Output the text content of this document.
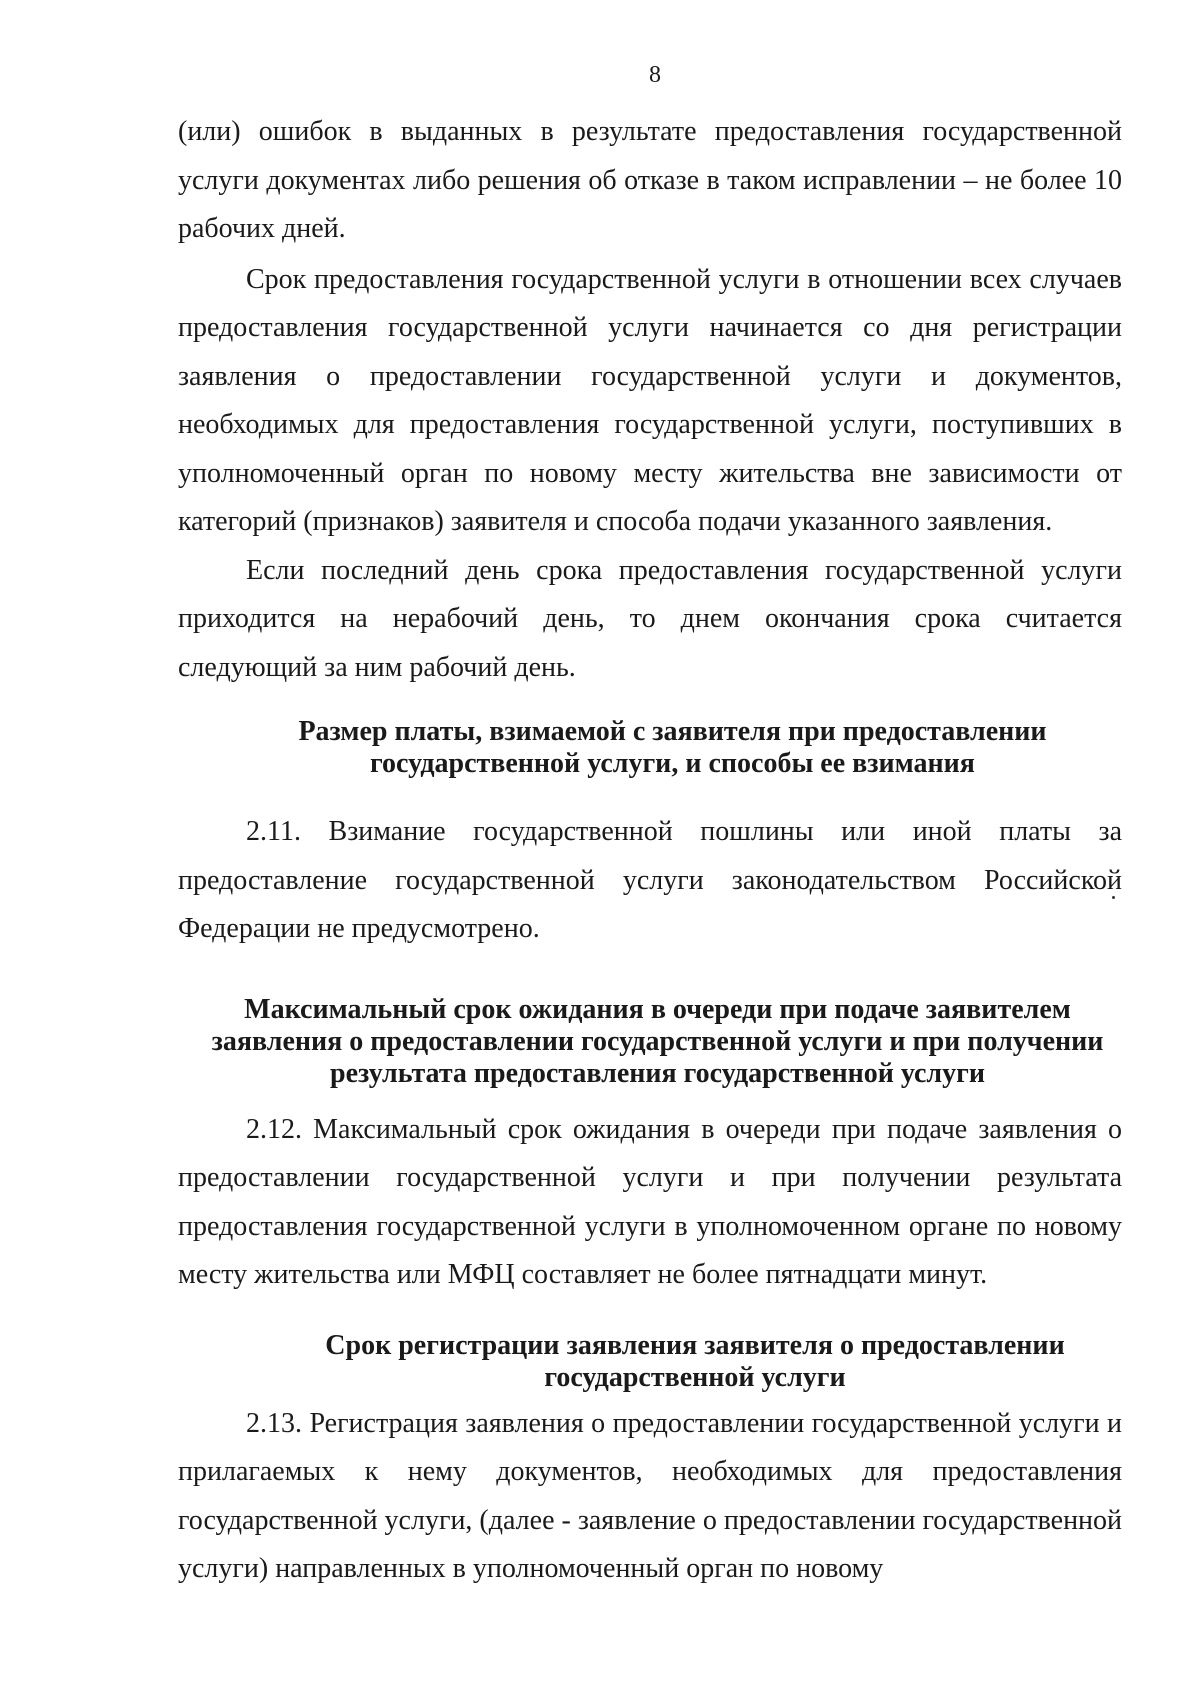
8

(или) ошибок в выданных в результате предоставления государственной услуги документах либо решения об отказе в таком исправлении – не более 10 рабочих дней.

Срок предоставления государственной услуги в отношении всех случаев предоставления государственной услуги начинается со дня регистрации заявления о предоставлении государственной услуги и документов, необходимых для предоставления государственной услуги, поступивших в уполномоченный орган по новому месту жительства вне зависимости от категорий (признаков) заявителя и способа подачи указанного заявления.

Если последний день срока предоставления государственной услуги приходится на нерабочий день, то днем окончания срока считается следующий за ним рабочий день.

Размер платы, взимаемой с заявителя при предоставлении
государственной услуги, и способы ее взимания

2.11. Взимание государственной пошлины или иной платы за предоставление государственной услуги законодательством Российской Федерации не предусмотрено.

Максимальный срок ожидания в очереди при подаче заявителем
заявления о предоставлении государственной услуги и при получении
результата предоставления государственной услуги

2.12. Максимальный срок ожидания в очереди при подаче заявления о предоставлении государственной услуги и при получении результата предоставления государственной услуги в уполномоченном органе по новому месту жительства или МФЦ составляет не более пятнадцати минут.

Срок регистрации заявления заявителя о предоставлении
государственной услуги

2.13. Регистрация заявления о предоставлении государственной услуги и прилагаемых к нему документов, необходимых для предоставления государственной услуги, (далее - заявление о предоставлении государственной услуги) направленных в уполномоченный орган по новому
